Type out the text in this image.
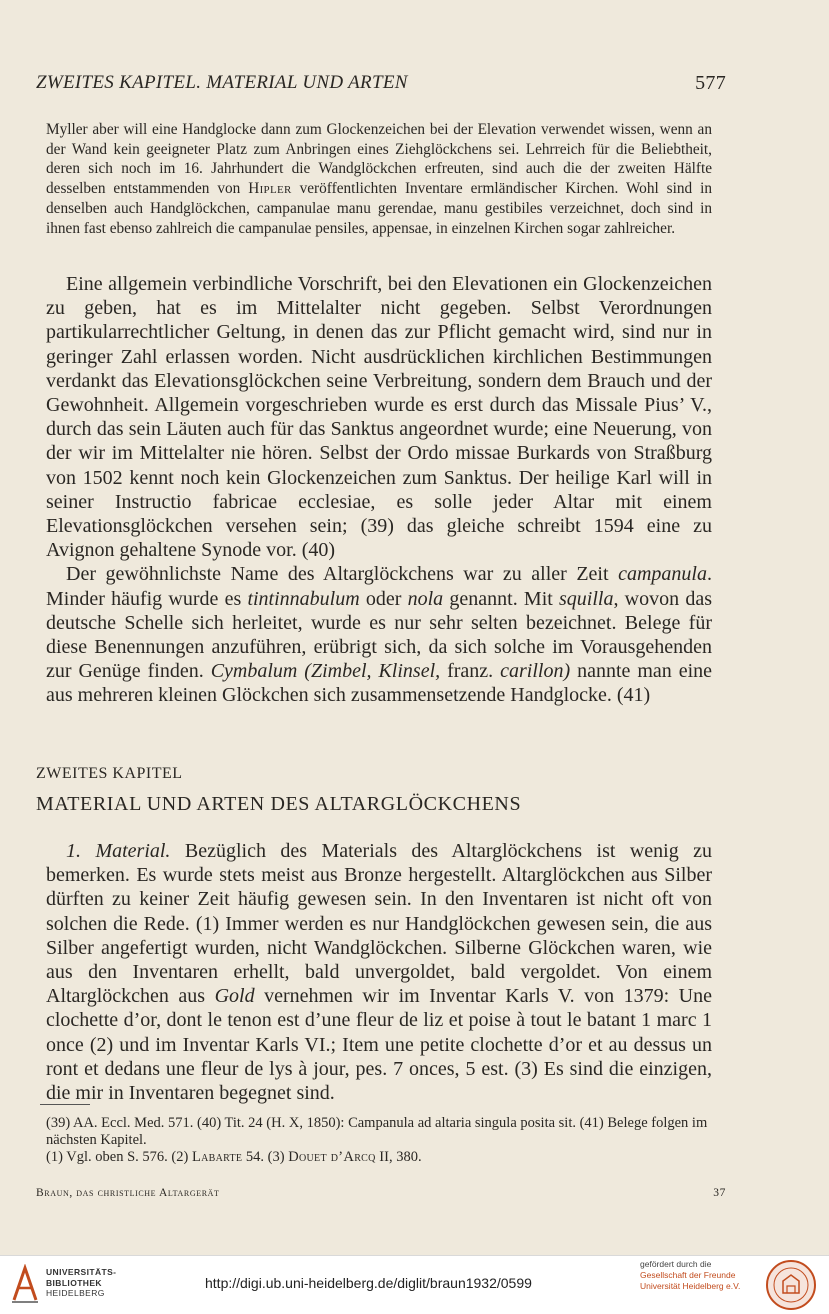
ZWEITES KAPITEL. MATERIAL UND ARTEN	577

Myller aber will eine Handglocke dann zum Glockenzeichen bei der Elevation verwendet wissen, wenn an der Wand kein geeigneter Platz zum Anbringen eines Ziehglöckchens sei. Lehrreich für die Beliebtheit, deren sich noch im 16. Jahrhundert die Wandglöckchen erfreuten, sind auch die der zweiten Hälfte desselben entstammenden von Hipler veröffentlichten Inventare ermländischer Kirchen. Wohl sind in denselben auch Handglöckchen, campanulae manu gerendae, manu gestibiles verzeichnet, doch sind in ihnen fast ebenso zahlreich die campanulae pensiles, appensae, in einzelnen Kirchen sogar zahlreicher.

Eine allgemein verbindliche Vorschrift, bei den Elevationen ein Glockenzeichen zu geben, hat es im Mittelalter nicht gegeben. Selbst Verordnungen partikularrechtlicher Geltung, in denen das zur Pflicht gemacht wird, sind nur in geringer Zahl erlassen worden. Nicht ausdrücklichen kirchlichen Bestimmungen verdankt das Elevationsglöckchen seine Verbreitung, sondern dem Brauch und der Gewohnheit. Allgemein vorgeschrieben wurde es erst durch das Missale Pius’ V., durch das sein Läuten auch für das Sanktus angeordnet wurde; eine Neuerung, von der wir im Mittelalter nie hören. Selbst der Ordo missae Burkards von Straßburg von 1502 kennt noch kein Glockenzeichen zum Sanktus. Der heilige Karl will in seiner Instructio fabricae ecclesiae, es solle jeder Altar mit einem Elevationsglöckchen versehen sein; (39) das gleiche schreibt 1594 eine zu Avignon gehaltene Synode vor. (40)

Der gewöhnlichste Name des Altarglöckchens war zu aller Zeit campanula. Minder häufig wurde es tintinnabulum oder nola genannt. Mit squilla, wovon das deutsche Schelle sich herleitet, wurde es nur sehr selten bezeichnet. Belege für diese Benennungen anzuführen, erübrigt sich, da sich solche im Vorausgehenden zur Genüge finden. Cymbalum (Zimbel, Klinsel, franz. carillon) nannte man eine aus mehreren kleinen Glöckchen sich zusammensetzende Handglocke. (41)

ZWEITES KAPITEL
MATERIAL UND ARTEN DES ALTARGLÖCKCHENS

1. Material. Bezüglich des Materials des Altarglöckchens ist wenig zu bemerken. Es wurde stets meist aus Bronze hergestellt. Altarglöckchen aus Silber dürften zu keiner Zeit häufig gewesen sein. In den Inventaren ist nicht oft von solchen die Rede. (1) Immer werden es nur Handglöckchen gewesen sein, die aus Silber angefertigt wurden, nicht Wandglöckchen. Silberne Glöckchen waren, wie aus den Inventaren erhellt, bald unvergoldet, bald vergoldet. Von einem Altarglöckchen aus Gold vernehmen wir im Inventar Karls V. von 1379: Une clochette d’or, dont le tenon est d’une fleur de liz et poise à tout le batant 1 marc 1 once (2) und im Inventar Karls VI.; Item une petite clochette d’or et au dessus un ront et dedans une fleur de lys à jour, pes. 7 onces, 5 est. (3) Es sind die einzigen, die mir in Inventaren begegnet sind.

(39) AA. Eccl. Med. 571. (40) Tit. 24 (H. X, 1850): Campanula ad altaria singula posita sit. (41) Belege folgen im nächsten Kapitel.

(1) Vgl. oben S. 576. (2) Labarte 54. (3) Douet d’Arcq II, 380.

Braun, das christliche Altargerät	37
UNIVERSITÄTS-
BIBLIOTHEK
HEIDELBERG
http://digi.ub.uni-heidelberg.de/diglit/braun1932/0599
gefördert durch die
Gesellschaft der Freunde
Universität Heidelberg e.V.
